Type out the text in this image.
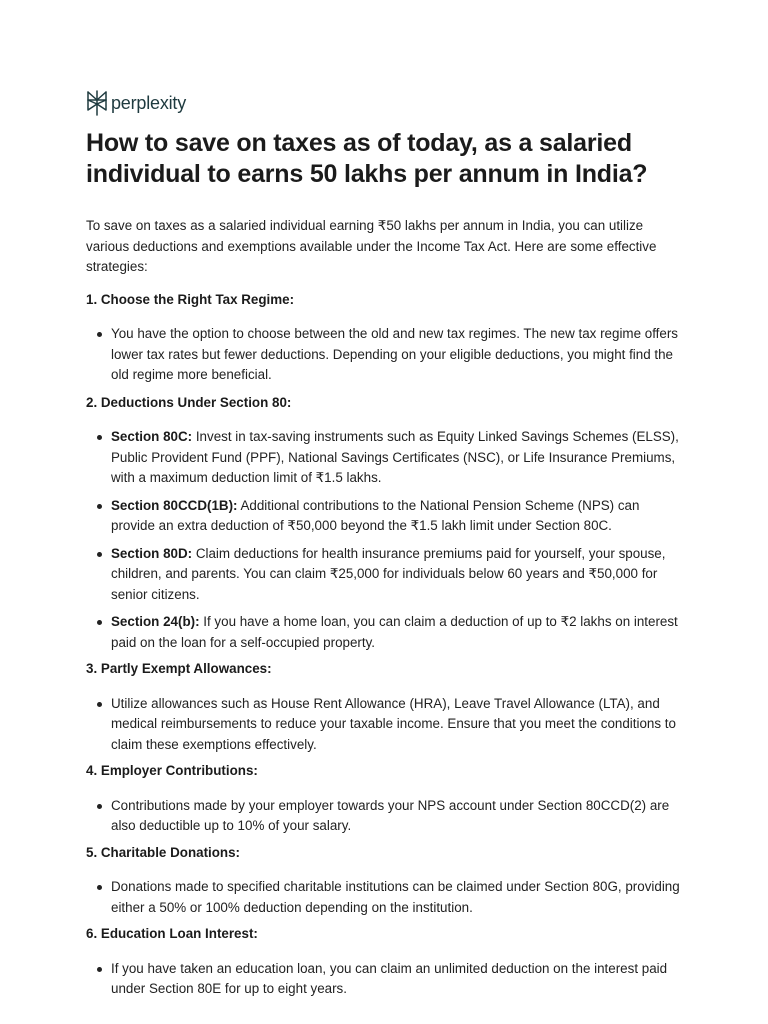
perplexity
How to save on taxes as of today, as a salaried individual to earns 50 lakhs per annum in India?

To save on taxes as a salaried individual earning ₹50 lakhs per annum in India, you can utilize various deductions and exemptions available under the Income Tax Act. Here are some effective strategies:

1. Choose the Right Tax Regime:
You have the option to choose between the old and new tax regimes. The new tax regime offers lower tax rates but fewer deductions. Depending on your eligible deductions, you might find the old regime more beneficial.
2. Deductions Under Section 80:
Section 80C: Invest in tax-saving instruments such as Equity Linked Savings Schemes (ELSS), Public Provident Fund (PPF), National Savings Certificates (NSC), or Life Insurance Premiums, with a maximum deduction limit of ₹1.5 lakhs.
Section 80CCD(1B): Additional contributions to the National Pension Scheme (NPS) can provide an extra deduction of ₹50,000 beyond the ₹1.5 lakh limit under Section 80C.
Section 80D: Claim deductions for health insurance premiums paid for yourself, your spouse, children, and parents. You can claim ₹25,000 for individuals below 60 years and ₹50,000 for senior citizens.
Section 24(b): If you have a home loan, you can claim a deduction of up to ₹2 lakhs on interest paid on the loan for a self-occupied property.
3. Partly Exempt Allowances:
Utilize allowances such as House Rent Allowance (HRA), Leave Travel Allowance (LTA), and medical reimbursements to reduce your taxable income. Ensure that you meet the conditions to claim these exemptions effectively.
4. Employer Contributions:
Contributions made by your employer towards your NPS account under Section 80CCD(2) are also deductible up to 10% of your salary.
5. Charitable Donations:
Donations made to specified charitable institutions can be claimed under Section 80G, providing either a 50% or 100% deduction depending on the institution.
6. Education Loan Interest:
If you have taken an education loan, you can claim an unlimited deduction on the interest paid under Section 80E for up to eight years.
